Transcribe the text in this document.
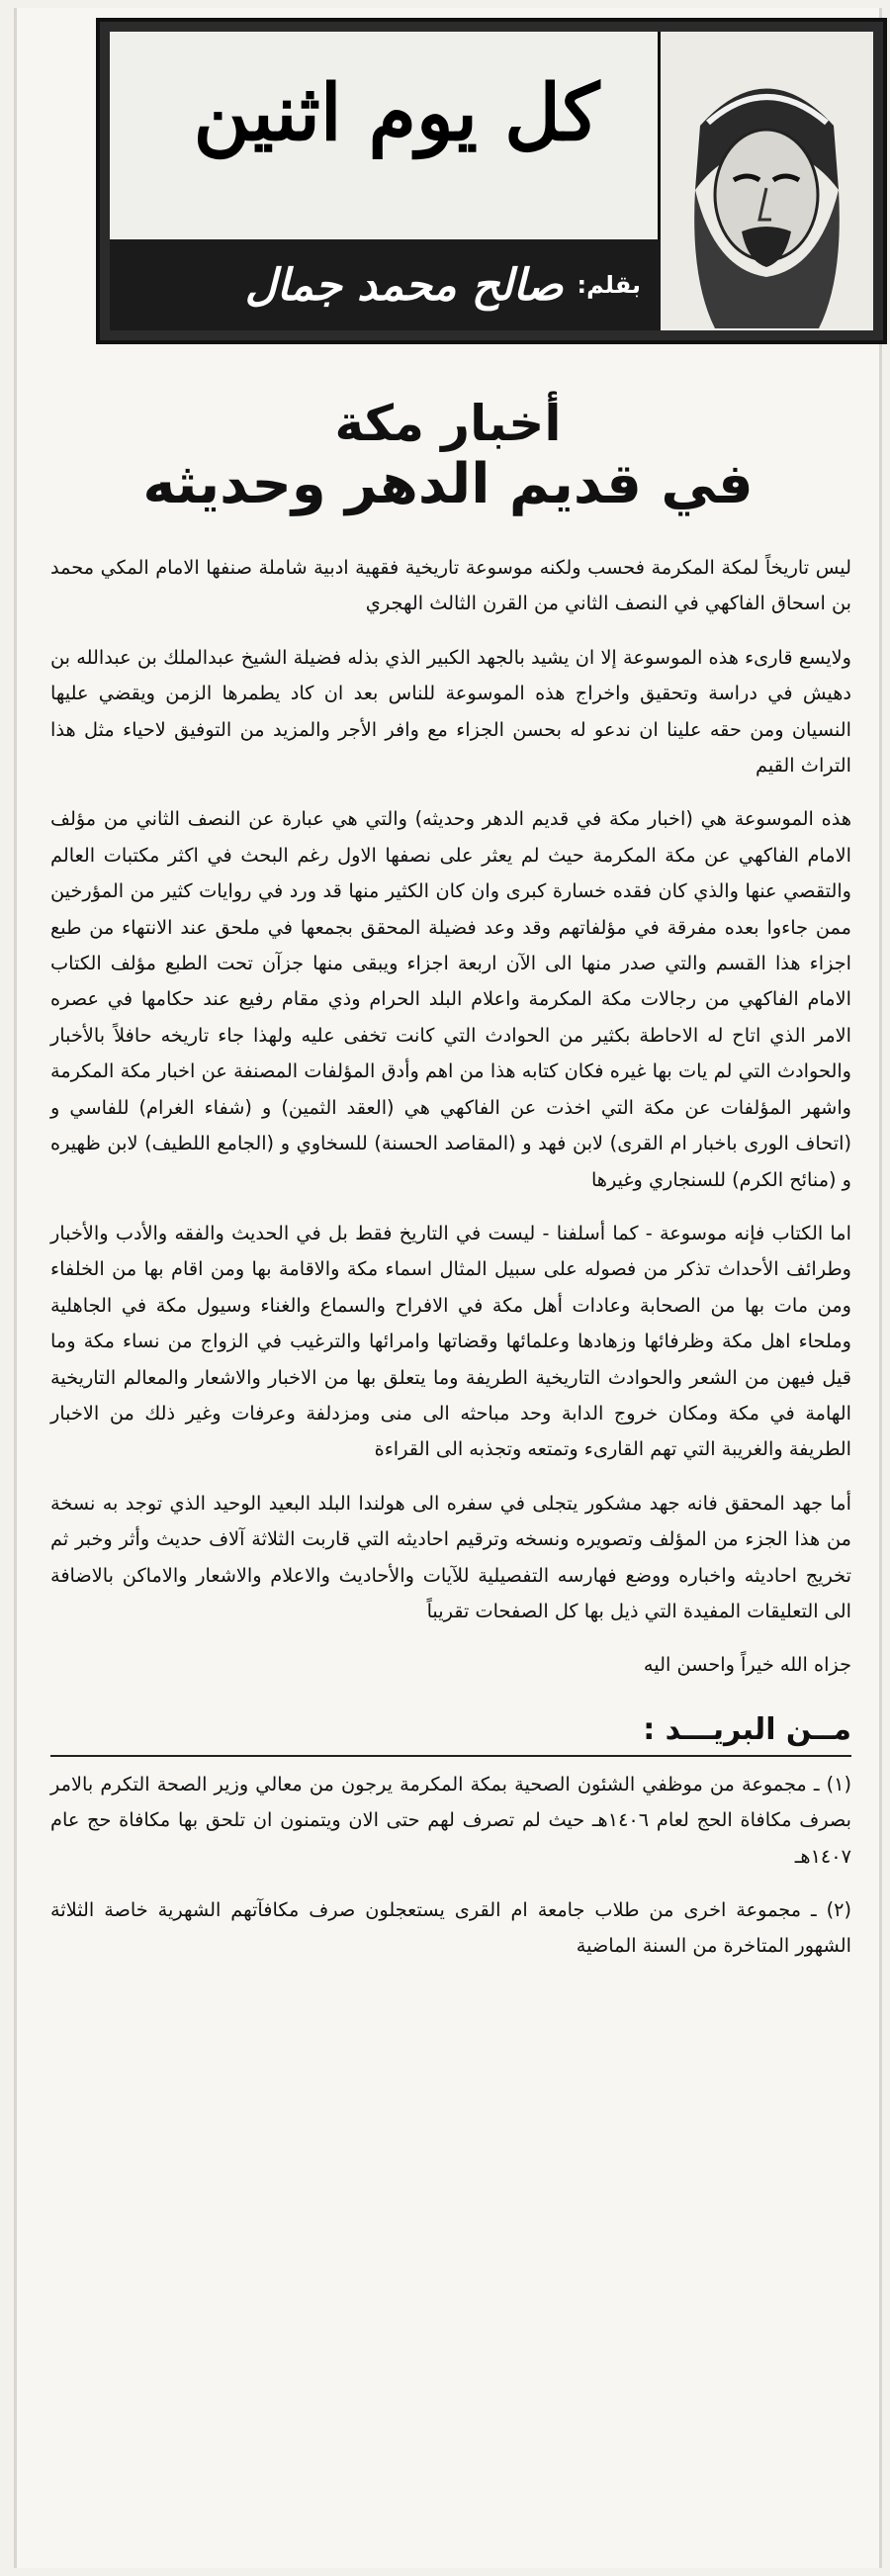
كل يوم اثنين
بقلم:
صالح محمد جمال
أخبار مكة
في قديم الدهر وحديثه

ليس تاريخاً لمكة المكرمة فحسب ولكنه موسوعة تاريخية فقهية ادبية شاملة صنفها الامام المكي محمد بن اسحاق الفاكهي في النصف الثاني من القرن الثالث الهجري

ولايسع قارىء هذه الموسوعة إلا ان يشيد بالجهد الكبير الذي بذله فضيلة الشيخ عبدالملك بن عبدالله بن دهيش في دراسة وتحقيق واخراج هذه الموسوعة للناس بعد ان كاد يطمرها الزمن ويقضي عليها النسيان ومن حقه علينا ان ندعو له بحسن الجزاء مع وافر الأجر والمزيد من التوفيق لاحياء مثل هذا التراث القيم

هذه الموسوعة هي (اخبار مكة في قديم الدهر وحديثه) والتي هي عبارة عن النصف الثاني من مؤلف الامام الفاكهي عن مكة المكرمة حيث لم يعثر على نصفها الاول رغم البحث في اكثر مكتبات العالم والتقصي عنها والذي كان فقده خسارة كبرى وان كان الكثير منها قد ورد في روايات كثير من المؤرخين ممن جاءوا بعده مفرقة في مؤلفاتهم وقد وعد فضيلة المحقق بجمعها في ملحق عند الانتهاء من طبع اجزاء هذا القسم والتي صدر منها الى الآن اربعة اجزاء ويبقى منها جزآن تحت الطبع مؤلف الكتاب الامام الفاكهي من رجالات مكة المكرمة واعلام البلد الحرام وذي مقام رفيع عند حكامها في عصره الامر الذي اتاح له الاحاطة بكثير من الحوادث التي كانت تخفى عليه ولهذا جاء تاريخه حافلاً بالأخبار والحوادث التي لم يات بها غيره فكان كتابه هذا من اهم وأدق المؤلفات المصنفة عن اخبار مكة المكرمة واشهر المؤلفات عن مكة التي اخذت عن الفاكهي هي (العقد الثمين) و (شفاء الغرام) للفاسي و (اتحاف الورى باخبار ام القرى) لابن فهد و (المقاصد الحسنة) للسخاوي و (الجامع اللطيف) لابن ظهيره و (منائح الكرم) للسنجاري وغيرها

اما الكتاب فإنه موسوعة - كما أسلفنا - ليست في التاريخ فقط بل في الحديث والفقه والأدب والأخبار وطرائف الأحداث تذكر من فصوله على سبيل المثال اسماء مكة والاقامة بها ومن اقام بها من الخلفاء ومن مات بها من الصحابة وعادات أهل مكة في الافراح والسماع والغناء وسيول مكة في الجاهلية وملحاء اهل مكة وظرفائها وزهادها وعلمائها وقضاتها وامرائها والترغيب في الزواج من نساء مكة وما قيل فيهن من الشعر والحوادث التاريخية الطريفة وما يتعلق بها من الاخبار والاشعار والمعالم التاريخية الهامة في مكة ومكان خروج الدابة وحد مباحثه الى منى ومزدلفة وعرفات وغير ذلك من الاخبار الطريفة والغريبة التي تهم القارىء وتمتعه وتجذبه الى القراءة

أما جهد المحقق فانه جهد مشكور يتجلى في سفره الى هولندا البلد البعيد الوحيد الذي توجد به نسخة من هذا الجزء من المؤلف وتصويره ونسخه وترقيم احاديثه التي قاربت الثلاثة آلاف حديث وأثر وخبر ثم تخريج احاديثه واخباره ووضع فهارسه التفصيلية للآيات والأحاديث والاعلام والاشعار والاماكن بالاضافة الى التعليقات المفيدة التي ذيل بها كل الصفحات تقريباً

جزاه الله خيراً واحسن اليه

مــن البريـــد :

(١) ـ مجموعة من موظفي الشئون الصحية بمكة المكرمة يرجون من معالي وزير الصحة التكرم بالامر بصرف مكافاة الحج لعام ١٤٠٦هـ حيث لم تصرف لهم حتى الان ويتمنون ان تلحق بها مكافاة حج عام ١٤٠٧هـ

(٢) ـ مجموعة اخرى من طلاب جامعة ام القرى يستعجلون صرف مكافآتهم الشهرية خاصة الثلاثة الشهور المتاخرة من السنة الماضية
